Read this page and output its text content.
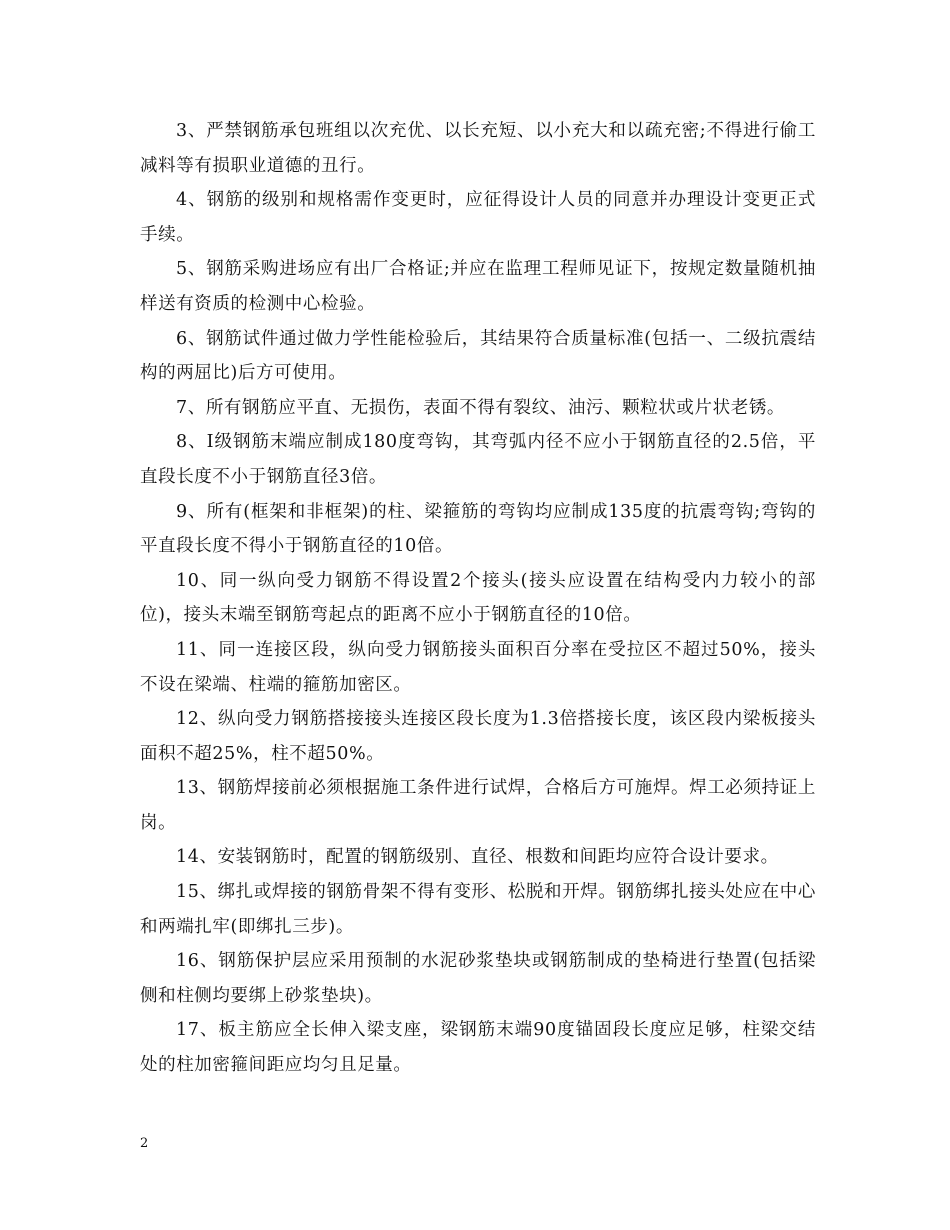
3、严禁钢筋承包班组以次充优、以长充短、以小充大和以疏充密;不得进行偷工减料等有损职业道德的丑行。

4、钢筋的级别和规格需作变更时，应征得设计人员的同意并办理设计变更正式手续。

5、钢筋采购进场应有出厂合格证;并应在监理工程师见证下，按规定数量随机抽样送有资质的检测中心检验。

6、钢筋试件通过做力学性能检验后，其结果符合质量标准(包括一、二级抗震结构的两屈比)后方可使用。

7、所有钢筋应平直、无损伤，表面不得有裂纹、油污、颗粒状或片状老锈。

8、Ⅰ级钢筋末端应制成180度弯钩，其弯弧内径不应小于钢筋直径的2.5倍，平直段长度不小于钢筋直径3倍。

9、所有(框架和非框架)的柱、梁箍筋的弯钩均应制成135度的抗震弯钩;弯钩的平直段长度不得小于钢筋直径的10倍。

10、同一纵向受力钢筋不得设置2个接头(接头应设置在结构受内力较小的部位)，接头末端至钢筋弯起点的距离不应小于钢筋直径的10倍。

11、同一连接区段，纵向受力钢筋接头面积百分率在受拉区不超过50%，接头不设在梁端、柱端的箍筋加密区。

12、纵向受力钢筋搭接接头连接区段长度为1.3倍搭接长度，该区段内梁板接头面积不超25%，柱不超50%。

13、钢筋焊接前必须根据施工条件进行试焊，合格后方可施焊。焊工必须持证上岗。

14、安装钢筋时，配置的钢筋级别、直径、根数和间距均应符合设计要求。

15、绑扎或焊接的钢筋骨架不得有变形、松脱和开焊。钢筋绑扎接头处应在中心和两端扎牢(即绑扎三步)。

16、钢筋保护层应采用预制的水泥砂浆垫块或钢筋制成的垫椅进行垫置(包括梁侧和柱侧均要绑上砂浆垫块)。

17、板主筋应全长伸入梁支座，梁钢筋末端90度锚固段长度应足够，柱梁交结处的柱加密箍间距应均匀且足量。

2
